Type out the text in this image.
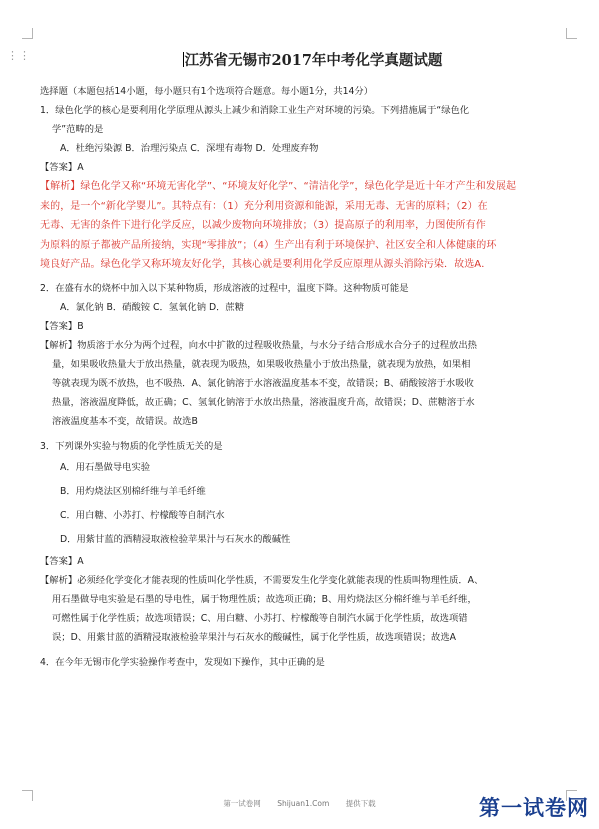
⋮⋮	江苏省无锡市2017年中考化学真题试题

选择题（本题包括14小题，每小题只有1个选项符合题意。每小题1分，共14分）

1．绿色化学的核心是要利用化学原理从源头上减少和消除工业生产对环境的污染。下列措施属于“绿色化

学”范畴的是

A．杜绝污染源 B．治理污染点 C．深埋有毒物 D．处理废弃物

【答案】A

【解析】绿色化学又称“环境无害化学”、“环境友好化学”、“清洁化学”，绿色化学是近十年才产生和发展起

来的，是一个“新化学婴儿”。其特点有：（1）充分利用资源和能源，采用无毒、无害的原料；（2）在

无毒、无害的条件下进行化学反应，以减少废物向环境排放；（3）提高原子的利用率，力图使所有作

为原料的原子都被产品所接纳，实现“零排放”；（4）生产出有利于环境保护、社区安全和人体健康的环

境良好产品。绿色化学又称环境友好化学，其核心就是要利用化学反应原理从源头消除污染．故选A．

2．在盛有水的烧杯中加入以下某种物质，形成溶液的过程中，温度下降。这种物质可能是

A．氯化钠 B．硝酸铵 C．氢氧化钠 D．蔗糖

【答案】B

【解析】物质溶于水分为两个过程，向水中扩散的过程吸收热量，与水分子结合形成水合分子的过程放出热

量，如果吸收热量大于放出热量，就表现为吸热，如果吸收热量小于放出热量，就表现为放热，如果相

等就表现为既不放热，也不吸热．A、氯化钠溶于水溶液温度基本不变，故错误；B、硝酸铵溶于水吸收

热量，溶液温度降低，故正确；C、氢氧化钠溶于水放出热量，溶液温度升高，故错误；D、蔗糖溶于水

溶液温度基本不变，故错误。故选B

3．下列课外实验与物质的化学性质无关的是

A．用石墨做导电实验

B．用灼烧法区别棉纤维与羊毛纤维

C．用白糖、小苏打、柠檬酸等自制汽水

D．用紫甘蓝的酒精浸取液检验苹果汁与石灰水的酸碱性

【答案】A

【解析】必须经化学变化才能表现的性质叫化学性质，不需要发生化学变化就能表现的性质叫物理性质．A、

用石墨做导电实验是石墨的导电性，属于物理性质；故选项正确；B、用灼烧法区分棉纤维与羊毛纤维，

可燃性属于化学性质；故选项错误；C、用白糖、小苏打、柠檬酸等自制汽水属于化学性质，故选项错

误；D、用紫甘蓝的酒精浸取液检验苹果汁与石灰水的酸碱性，属于化学性质，故选项错误；故选A

4．在今年无锡市化学实验操作考查中，发现如下操作，其中正确的是

第一试卷网 Shijuan1.Com 提供下载	第一试卷网
